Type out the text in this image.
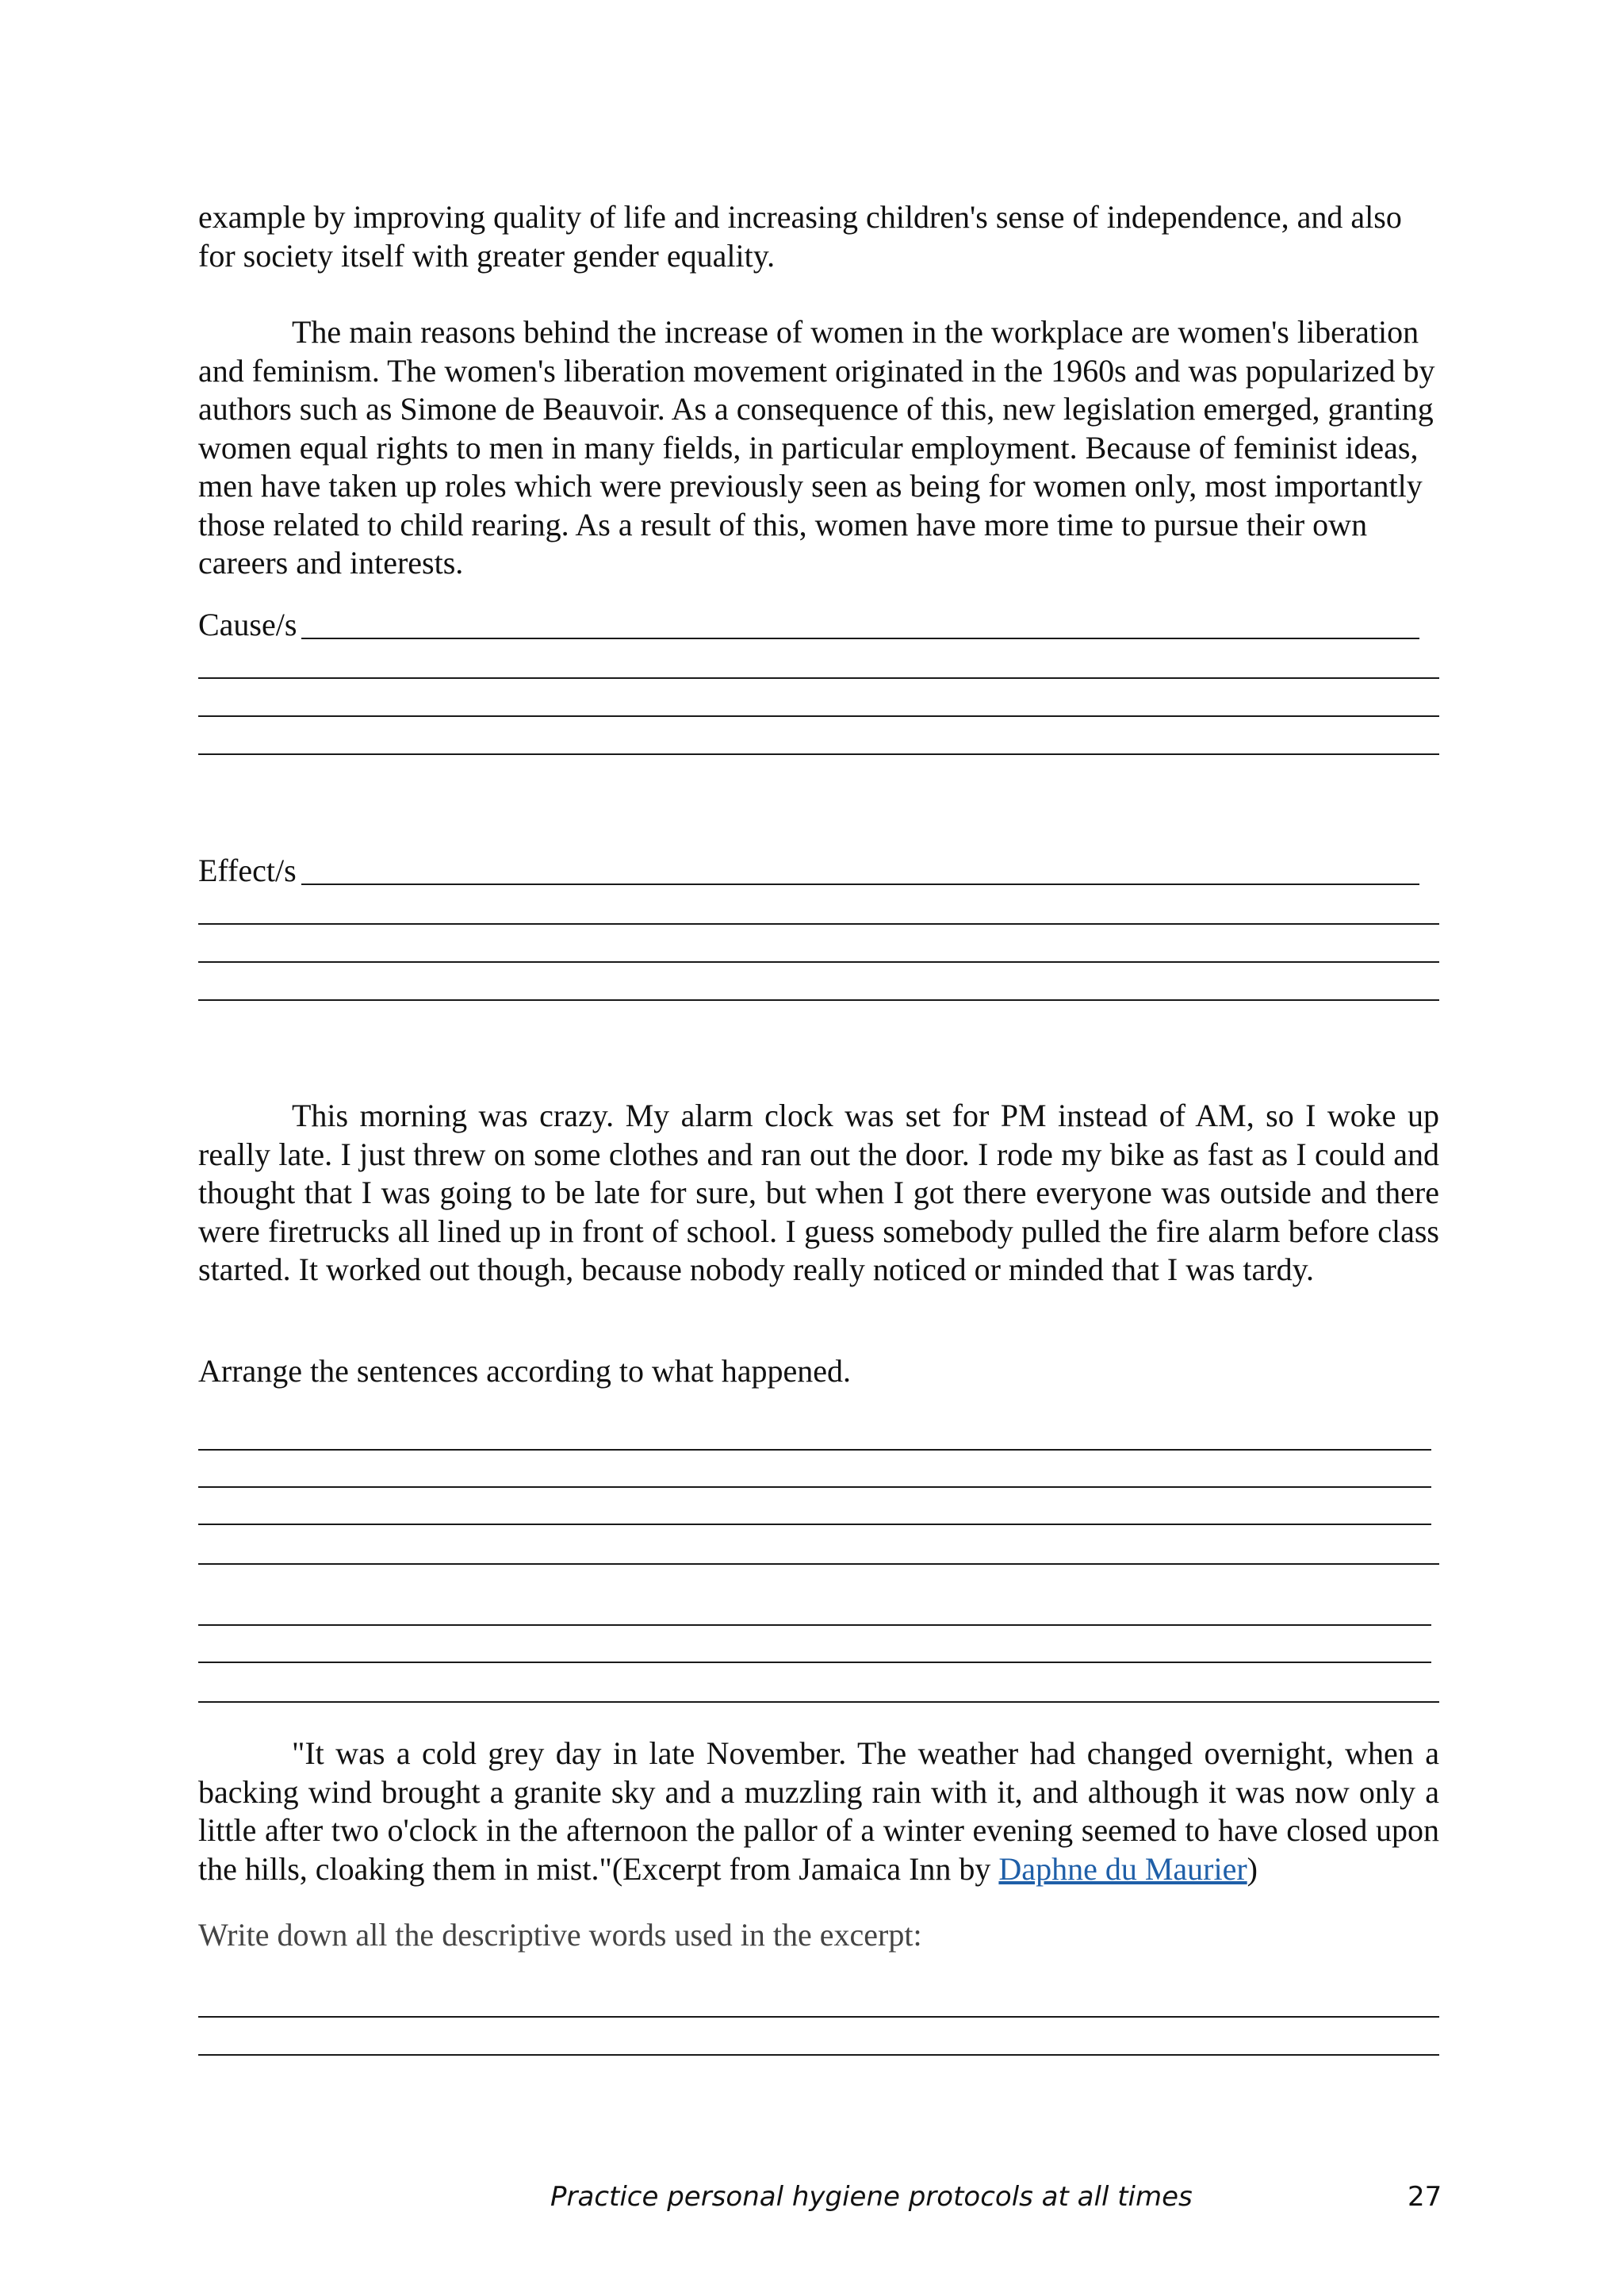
example by improving quality of life and increasing children's sense of independence, and also for society itself with greater gender equality.

The main reasons behind the increase of women in the workplace are women's liberation and feminism. The women's liberation movement originated in the 1960s and was popularized by authors such as Simone de Beauvoir. As a consequence of this, new legislation emerged, granting women equal rights to men in many fields, in particular employment. Because of feminist ideas, men have taken up roles which were previously seen as being for women only, most importantly those related to child rearing. As a result of this, women have more time to pursue their own careers and interests.

Cause/s
Effect/s

This morning was crazy. My alarm clock was set for PM instead of AM, so I woke up really late. I just threw on some clothes and ran out the door. I rode my bike as fast as I could and thought that I was going to be late for sure, but when I got there everyone was outside and there were firetrucks all lined up in front of school. I guess somebody pulled the fire alarm before class started. It worked out though, because nobody really noticed or minded that I was tardy.

Arrange the sentences according to what happened.

"It was a cold grey day in late November. The weather had changed overnight, when a backing wind brought a granite sky and a muzzling rain with it, and although it was now only a little after two o'clock in the afternoon the pallor of a winter evening seemed to have closed upon the hills, cloaking them in mist."(Excerpt from Jamaica Inn by Daphne du Maurier)

Write down all the descriptive words used in the excerpt:

Practice personal hygiene protocols at all times	27
